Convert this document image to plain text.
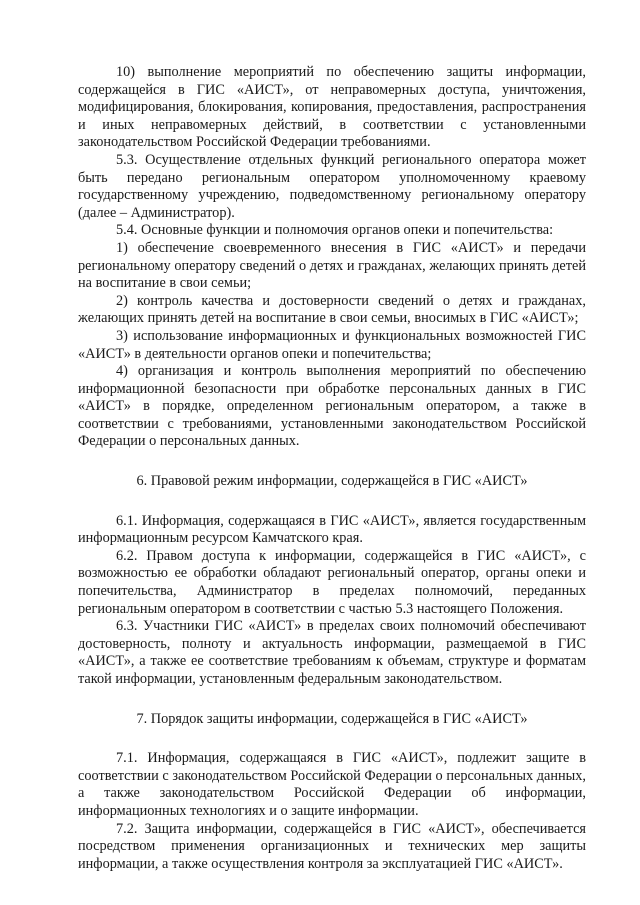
10) выполнение мероприятий по обеспечению защиты информации, содержащейся в ГИС «АИСТ», от неправомерных доступа, уничтожения, модифицирования, блокирования, копирования, предоставления, распространения и иных неправомерных действий, в соответствии с установленными законодательством Российской Федерации требованиями.

5.3. Осуществление отдельных функций регионального оператора может быть передано региональным оператором уполномоченному краевому государственному учреждению, подведомственному региональному оператору (далее – Администратор).

5.4. Основные функции и полномочия органов опеки и попечительства:

1) обеспечение своевременного внесения в ГИС «АИСТ» и передачи региональному оператору сведений о детях и гражданах, желающих принять детей на воспитание в свои семьи;

2) контроль качества и достоверности сведений о детях и гражданах, желающих принять детей на воспитание в свои семьи, вносимых в ГИС «АИСТ»;

3) использование информационных и функциональных возможностей ГИС «АИСТ» в деятельности органов опеки и попечительства;

4) организация и контроль выполнения мероприятий по обеспечению информационной безопасности при обработке персональных данных в ГИС «АИСТ» в порядке, определенном региональным оператором, а также в соответствии с требованиями, установленными законодательством Российской Федерации о персональных данных.

6. Правовой режим информации, содержащейся в ГИС «АИСТ»

6.1. Информация, содержащаяся в ГИС «АИСТ», является государственным информационным ресурсом Камчатского края.

6.2. Правом доступа к информации, содержащейся в ГИС «АИСТ», с возможностью ее обработки обладают региональный оператор, органы опеки и попечительства, Администратор в пределах полномочий, переданных региональным оператором в соответствии с частью 5.3 настоящего Положения.

6.3. Участники ГИС «АИСТ» в пределах своих полномочий обеспечивают достоверность, полноту и актуальность информации, размещаемой в ГИС «АИСТ», а также ее соответствие требованиям к объемам, структуре и форматам такой информации, установленным федеральным законодательством.

7. Порядок защиты информации, содержащейся в ГИС «АИСТ»

7.1. Информация, содержащаяся в ГИС «АИСТ», подлежит защите в соответствии с законодательством Российской Федерации о персональных данных, а также законодательством Российской Федерации об информации, информационных технологиях и о защите информации.

7.2. Защита информации, содержащейся в ГИС «АИСТ», обеспечивается посредством применения организационных и технических мер защиты информации, а также осуществления контроля за эксплуатацией ГИС «АИСТ».
